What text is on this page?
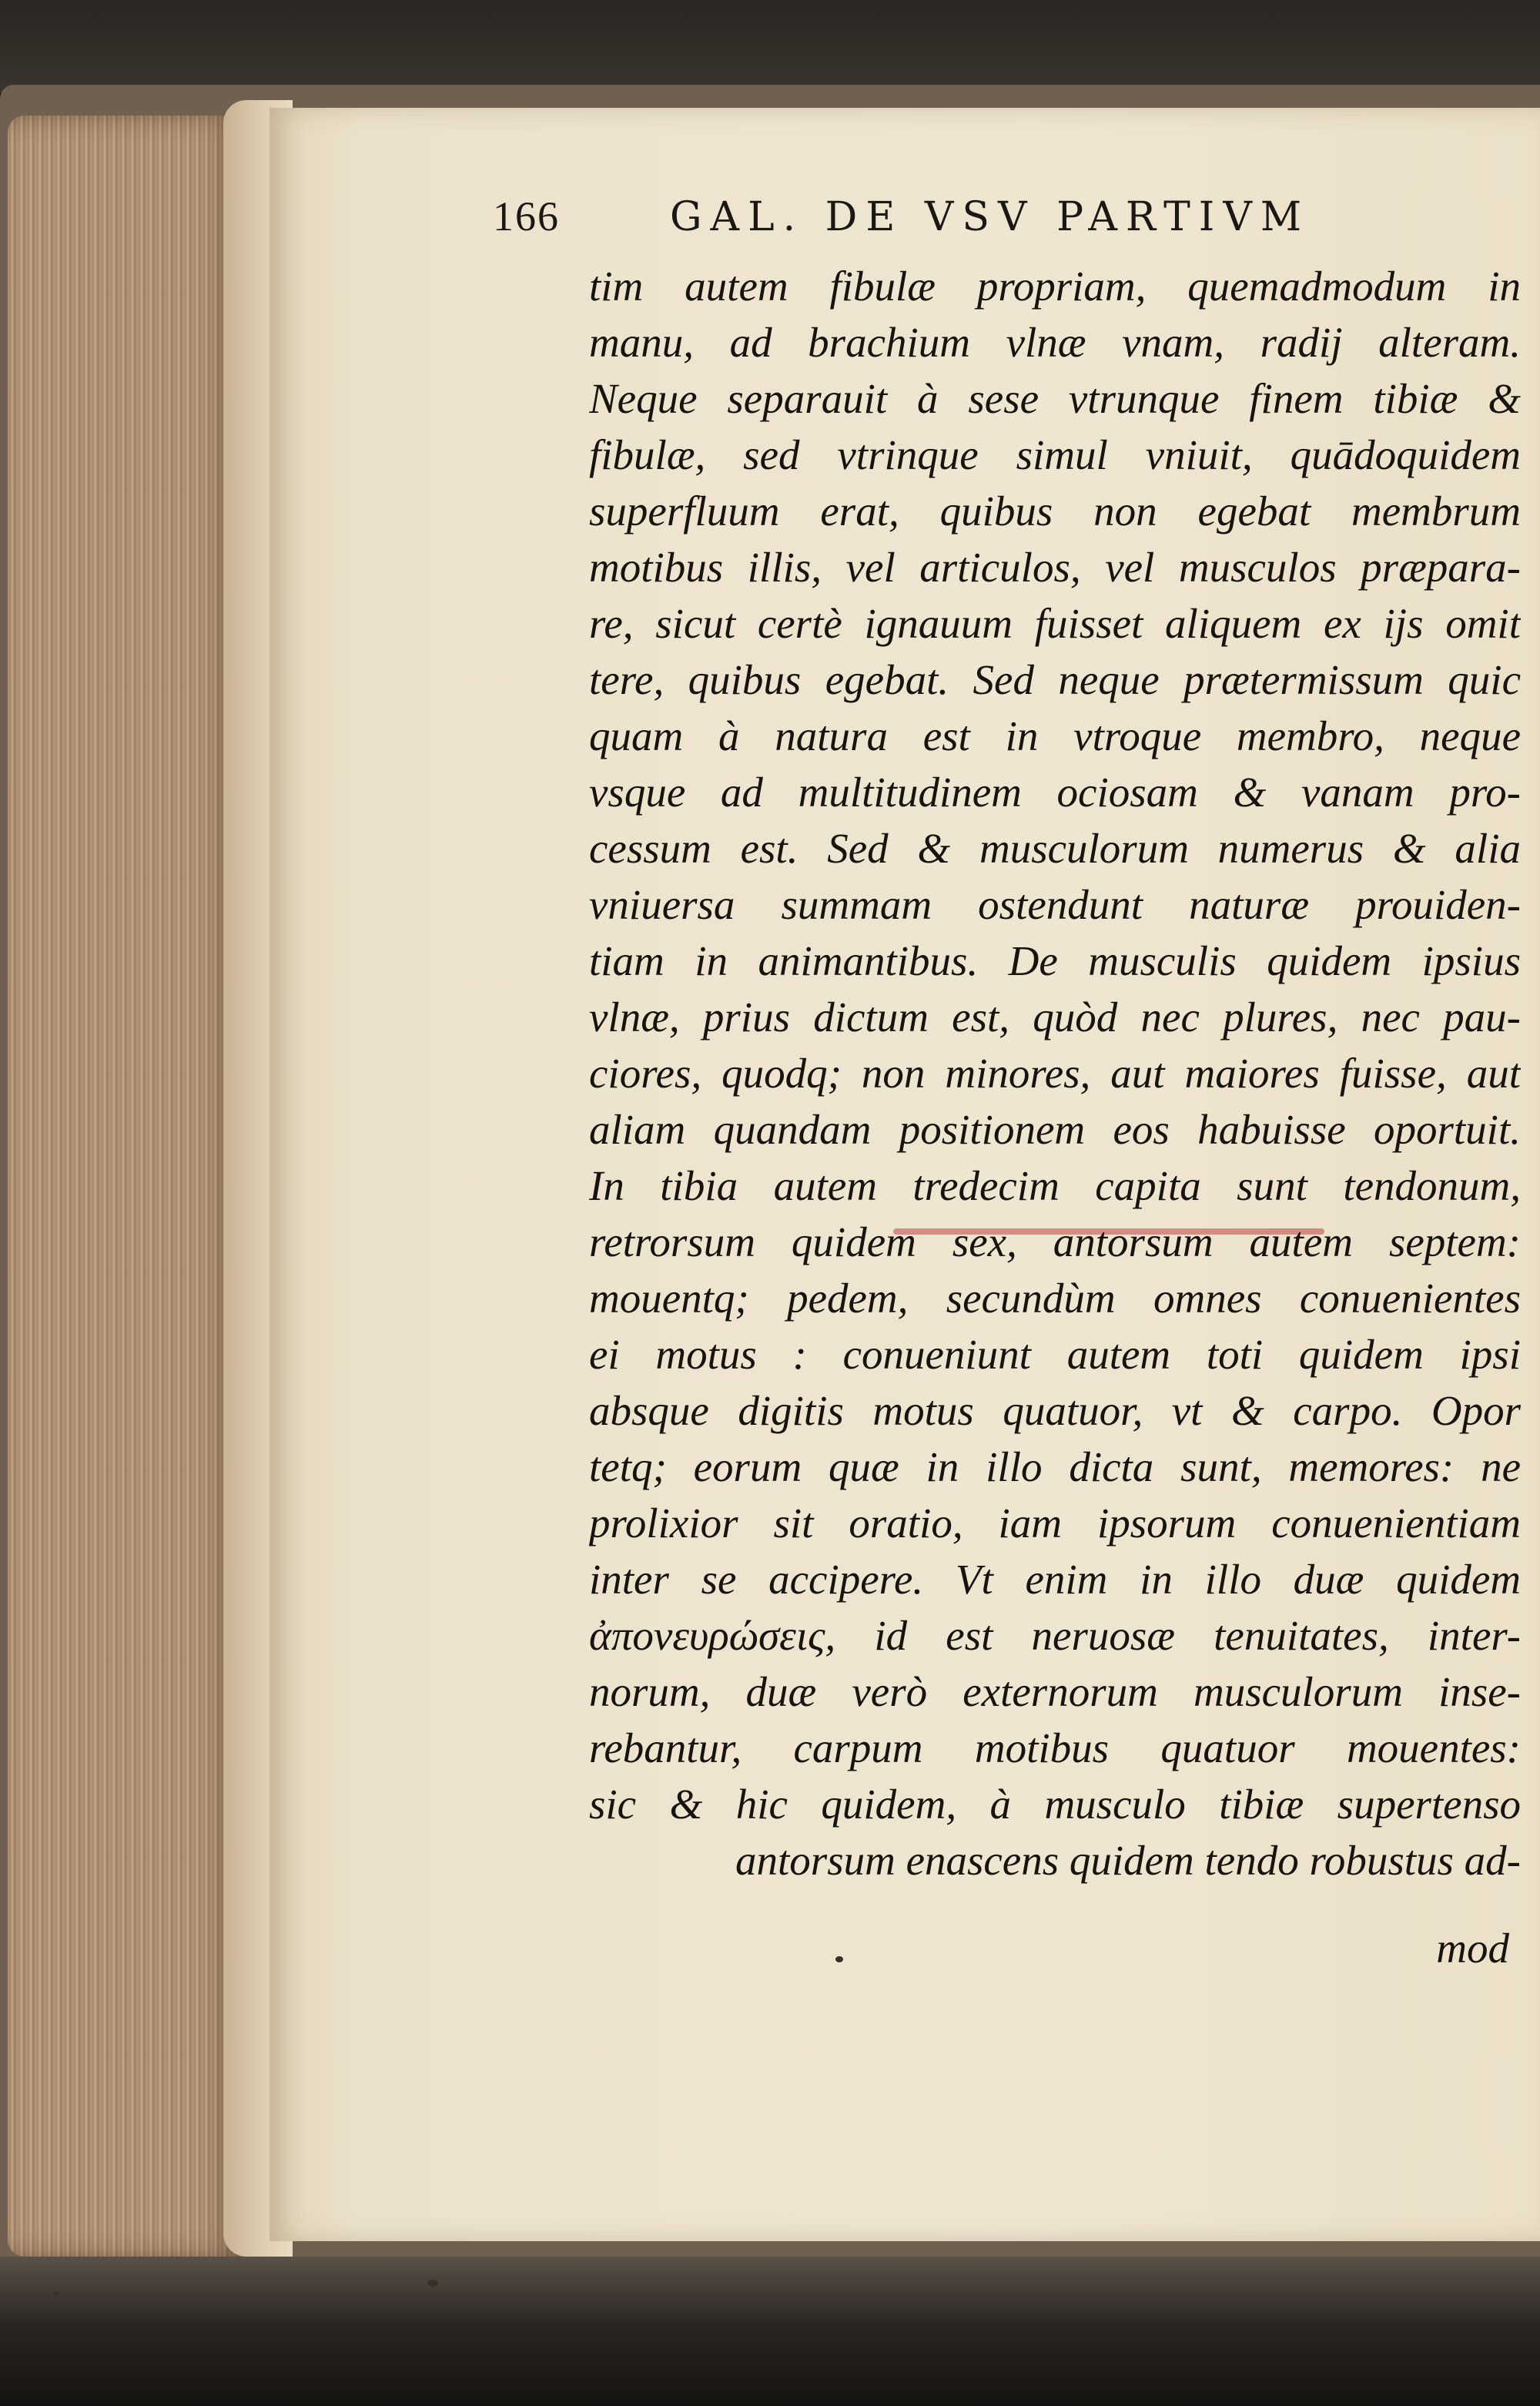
166	GAL. DE VSV PARTIVM
tim autem fibulæ propriam, quemadmodum in
manu, ad brachium vlnæ vnam, radij alteram.
Neque separauit à sese vtrunque finem tibiæ &
fibulæ, sed vtrinque simul vniuit, quādoquidem
superfluum erat, quibus non egebat membrum
motibus illis, vel articulos, vel musculos præpara-
re, sicut certè ignauum fuisset aliquem ex ijs omit
tere, quibus egebat. Sed neque prætermissum quic
quam à natura est in vtroque membro, neque
vsque ad multitudinem ociosam & vanam pro-
cessum est. Sed & musculorum numerus & alia
vniuersa summam ostendunt naturæ prouiden-
tiam in animantibus. De musculis quidem ipsius
vlnæ, prius dictum est, quòd nec plures, nec pau-
ciores, quodq; non minores, aut maiores fuisse, aut
aliam quandam positionem eos habuisse oportuit.
In tibia autem tredecim capita sunt tendonum,
retrorsum quidem sex, antorsum autem septem:
mouentq; pedem, secundùm omnes conuenientes
ei motus : conueniunt autem toti quidem ipsi
absque digitis motus quatuor, vt & carpo. Opor
tetq; eorum quæ in illo dicta sunt, memores: ne
prolixior sit oratio, iam ipsorum conuenientiam
inter se accipere. Vt enim in illo duæ quidem
ἀπονευρώσεις, id est neruosæ tenuitates, inter-
norum, duæ verò externorum musculorum inse-
rebantur, carpum motibus quatuor mouentes:
sic & hic quidem, à musculo tibiæ supertenso
antorsum enascens quidem tendo robustus ad-
mod
